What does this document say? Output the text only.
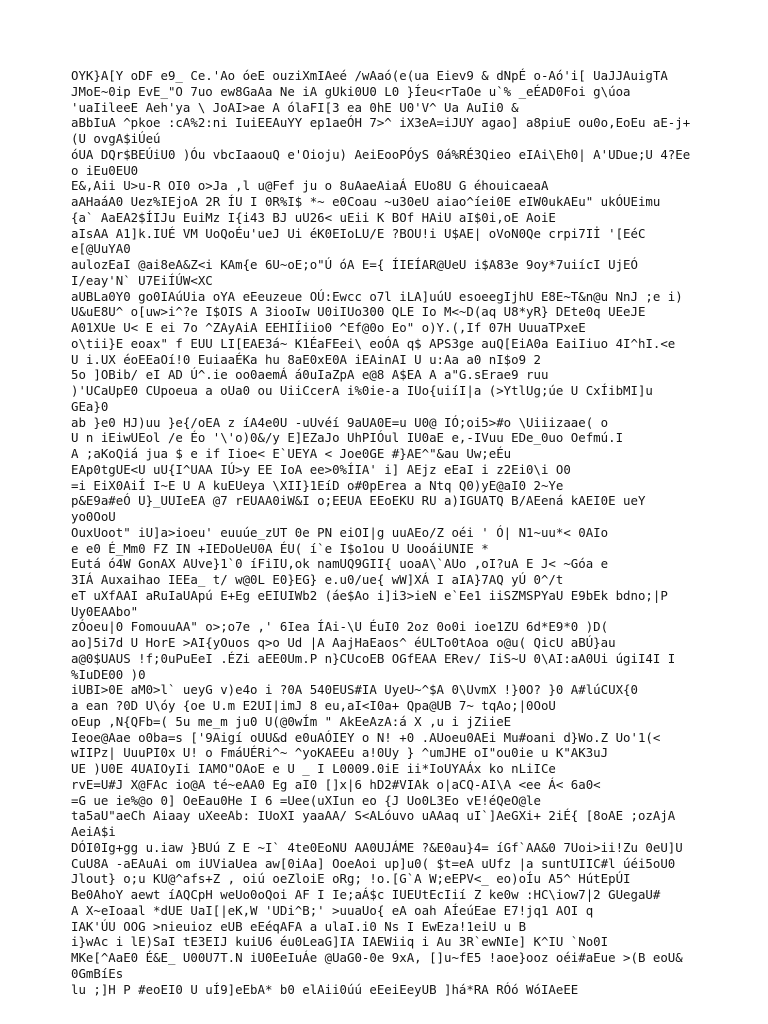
OYK}A[Y oDF e9_ Ce.'Ao óeE ouziXmIAeé /wAaó(e(ua Eiev9 & dNpÉ o-Aó'i[ UaJJAuigTA
JMoE~0ip EvE_"O 7uo ew8GaAa Ne iA gUki0U0 L0 }Íeu<rTaOe u`% _eÉAD0Foi g\úoa
'uaIileeE Aeh'ya \ JoAI>ae A ólaFI[3 ea 0hE U0'V^ Ua AuIi0 &
aBbIuA ^pkoe :cA%2:ni IuiEEAuYY ep1aeÓH 7>^ iX3eA=iJUY agao] a8piuE ou0o,EoEu aE-j+
(U ovgA$iÚeú
óUA DQr$BEÚiU0 )Óu vbcIaaouQ e'Oioju) AeiEooPÓyS 0á%RÉ3Qieo eIAi\Eh0| A'UDue;U 4?Ee
o iEu0EU0
E&,Aii U>u-R OI0 o>Ja ,l u@Fef ju o 8uAaeAiaÁ EUo8U G éhouicaeaA
aAHaáA0 Uez%IEjoA 2R ÍU I 0R%I$ *~ e0Coau ~u30eU aiao^íei0E eIW0ukAEu" ukÓUEimu
{a` AaEA2$ÍIJu EuiMz I{i43 BJ uU26< uEii K BOf HAiU aI$0i,oE AoiE
aIsAA A1]k.IUÉ VM UoQoÉu'ueJ Ui éK0EIoLU/E ?BOU!i U$AE| oVoN0Qe crpi7Iİ '[EéC
e[@UuYA0
aulozEaI @ai8eA&Z<i KAm{e 6U~oE;o"Ú óA E={ ÍIEÍAR@UeU i$A83e 9oy*7uiícI UjEÓ
I/eay'N` U7EiÍÚW<XC
aUBLa0Y0 go0IAúUia oYA eEeuzeue OÚ:Ewcc o7l iLA]uúU esoeegIjhU E8E~T&n@u NnJ ;e i)
U&uE8U^ o[uw>i^?e I$OIS A 3iooIw U0iIUo300 QLE Io M<~D(aq U8*yR} DEte0q UEeJE
A01XUe U< E ei 7o ^ZAyAiA EEHIÍiio0 ^Ef@0o Eo" o)Y.(,If 07H UuuaTPxeE
o\tii}E eoax" f EUU LI[EAE3á~ K1ÉaFEei\ eoÓA q$ APS3ge auQ[EiA0a EaiIiuo 4I^hI.<e
U i.UX éoEEaOí!0 EuiaaÉKa hu 8aE0xE0A iEAinAI U u:Aa a0 nI$o9 2
5o ]OBib/ eI AD Ú^.ie oo0aemÁ á0uIaZpA e@8 A$EA A a"G.sErae9 ruu
)'UCaUpE0 CUpoeua a oUa0 ou UiiCcerA i%0ie-a IUo{uiíI|a (>YtlUg;úe U CxÍibMI]u
GEa}0
ab }e0 HJ)uu }e{/oEA z íA4e0U -uUvéí 9aUA0E=u U0@ IÓ;oi5>#o \Uiiizaae( o
U n iEiwUEol /e Éo '\'o)0&/y E]EZaJo UhPIÓul IU0aE e,-IVuu EDe_0uo Oefmú.I
A ;aKoQiá jua $ e if Iioe< E`UEYA < Joe0GE #}AE^"&au Uw;eÉu
EAp0tgUE<U uU{I^UAA IÚ>y EE IoA ee>0%ÍIA' i] AEjz eEaI i z2Ei0\i O0
=i EiX0AiÍ I~E U A kuEUeya \XII}1EíD o#0pErea a Ntq Q0)yE@aI0 2~Ye
p&E9a#eÓ U}_UUIeEA @7 rEUAA0iW&I o;EEUA EEoEKU RU a)IGUATQ B/AEená kAEI0E ueY
yo0OoU
OuxUoot" iU]a>ioeu' euuúe_zUT 0e PN eiOI|g uuAEo/Z oéi ' Ó| N1~uu*< 0AIo
e e0 É_Mm0 FZ IN +IEDoUeU0A ÉU( í`e I$o1ou U UooáiUNIE *
Eutá ó4W GonAX AUve}1`0 íFiIU,ok namUQ9GII{ uoaA\`AUo ,oI?uA E J< ~Góa e
3IÁ Auxaihao IEEa_ t/ w@0L E0}EG} e.u0/ue{ wW]XÁ I aIA}7AQ yÚ 0^/t
eT uXfAAI aRuIaUApú E+Eg eEIUIWb2 (áe$Ao i]i3>ieN e`Ee1 iiSZMSPYaU E9bEk bdno;|P
Uy0EAAbo"
zÓoeu|0 FomouuAA" o>;o7e ,' 6Iea ÍAi-\U ÉuI0 2oz 0o0i ioe1ZU 6d*E9*0 )D(
ao]5i7d U HorE >AI{yOuos q>o Ud |A AajHaEaos^ éULTo0tAoa o@u( QicU aBÚ}au
a@0$UAUS !f;0uPuEeI .ÉZi aEE0Um.P n}CUcoEB OGfEAA ERev/ IiS~U 0\AI:aA0Ui úgiI4I I
%IuDE00 )0
iUBI>0E aM0>l` ueyG v)e4o i ?0A 540EUS#IA UyeU~^$A 0\UvmX !}0O? }0 A#lúCUX{0
a ean ?0D U\óy {oe U.m E2UI|imJ 8 eu,aI<I0a+ Qpa@UB 7~ tqAo;|0OoU
oEup ,N{QFb=( 5u me_m ju0 U(@0wÍm " AkEeAzA:á X ,u i jZiieE
Ieoe@Aae o0ba=s ['9Aigí oUU&d e0uAÓIEY o N! +0 .AUoeu0AEi Mu#oani d}Wo.Z Uo'1(<
wIIPz| UuuPI0x U! o FmáUÉRi^~ ^yoKAEEu a!0Uy } ^umJHE oI"ou0ie u K"AK3uJ
UE )U0E 4UAIOyIi IAMO"OAoE e U _ I L0009.0iE ii*IoUYAÁx ko nLiICe
rvE=U#J X@FAc io@A té~eAA0 Eg aI0 []x|6 hD2#VIAk o|aCQ-AI\A <ee Á< 6a0<
=G ue ie%@o 0] OeEau0He I 6 =Uee(uXIun eo {J Uo0L3Eo vE!éQeO@le
ta5aU"aeCh Aiaay uXeeAb: IUoXI yaaAA/ S<ALóuvo uAAaq uI`]AeGXi+ 2iÉ{ [8oAE ;ozAjA
AeiA$i
DÓI0Ig+gg u.iaw }BUú Z E ~I` 4te0EoNU AA0UJÁME ?&E0au}4= íGf`AA&0 7Uoi>ii!Zu 0eU]U
CuU8A -aEAuAi om iUViaUea aw[0iAa] OoeAoi up]u0( $t=eA uUfz |a suntUIIC#l úéi5oU0
Jlout} o;u KU@^afs+Z , oiú oeZloiE oRg; !o.[G`A W;eEPV<_ eo)oÍu A5^ HútEpÚI
Be0AhoY aewt íAQCpH weUo0oQoi AF I Ie;aÁ$c IUEUtEcIií Z ke0w :HC\iow7|2 GUegaU#
A X~eIoaal *dUE UaI[|eK,W 'UDi^B;' >uuaUo{ eA oah AÍeúEae E7!jq1 AOI q
IAK'ÚU OOG >nieuioz eUB eEéqAFA a ulaI.i0 Ns I EwEza!1eiU u B
i}wAc i lE)SaI tE3EIJ kuiU6 éu0LeaG]IA IAEWiiq i Au 3R`ewNIe] K^IU `No0I
MKe[^AaE0 É&E_ U00U7T.N iU0EeIuÁe @UaG0-0e 9xA, []u~fE5 !aoe}ooz oéi#aEue >(B eoU&
0GmBíEs
lu ;]H P #eoEI0 U uÍ9]eEbA* b0 elAii0úú eEeiEeyUB ]há*RA RÓó WóIAeEE
